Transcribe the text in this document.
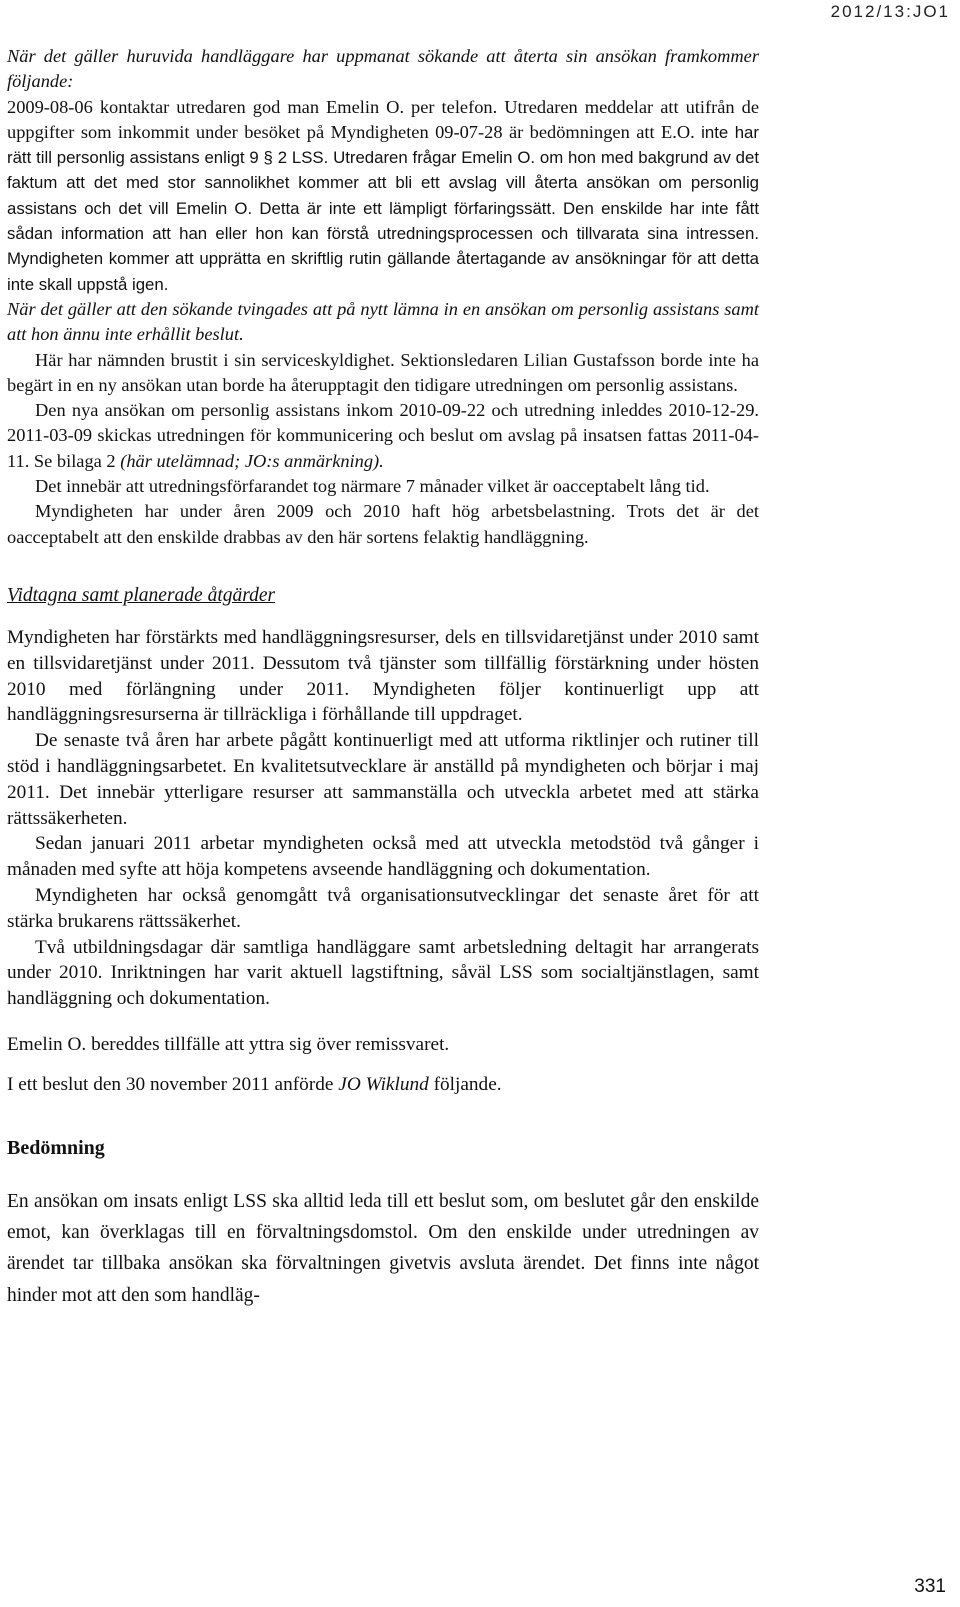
2012/13:JO1

När det gäller huruvida handläggare har uppmanat sökande att återta sin ansökan framkommer följande:

2009-08-06 kontaktar utredaren god man Emelin O. per telefon. Utredaren meddelar att utifrån de uppgifter som inkommit under besöket på Myndigheten 09-07-28 är bedömningen att E.O. inte har rätt till personlig assistans enligt 9 § 2 LSS. Utredaren frågar Emelin O. om hon med bakgrund av det faktum att det med stor sannolikhet kommer att bli ett avslag vill återta ansökan om personlig assistans och det vill Emelin O. Detta är inte ett lämpligt förfaringssätt. Den enskilde har inte fått sådan information att han eller hon kan förstå utredningsprocessen och tillvarata sina intressen. Myndigheten kommer att upprätta en skriftlig rutin gällande återtagande av ansökningar för att detta inte skall uppstå igen.

När det gäller att den sökande tvingades att på nytt lämna in en ansökan om personlig assistans samt att hon ännu inte erhållit beslut.

Här har nämnden brustit i sin serviceskyldighet. Sektionsledaren Lilian Gustafsson borde inte ha begärt in en ny ansökan utan borde ha återupptagit den tidigare utredningen om personlig assistans.

Den nya ansökan om personlig assistans inkom 2010-09-22 och utredning inleddes 2010-12-29. 2011-03-09 skickas utredningen för kommunicering och beslut om avslag på insatsen fattas 2011-04-11. Se bilaga 2 (här utelämnad; JO:s anmärkning).

Det innebär att utredningsförfarandet tog närmare 7 månader vilket är oacceptabelt lång tid.

Myndigheten har under åren 2009 och 2010 haft hög arbetsbelastning. Trots det är det oacceptabelt att den enskilde drabbas av den här sortens felaktig handläggning.

Vidtagna samt planerade åtgärder

Myndigheten har förstärkts med handläggningsresurser, dels en tillsvidaretjänst under 2010 samt en tillsvidaretjänst under 2011. Dessutom två tjänster som tillfällig förstärkning under hösten 2010 med förlängning under 2011. Myndigheten följer kontinuerligt upp att handläggningsresurserna är tillräckliga i förhållande till uppdraget.

De senaste två åren har arbete pågått kontinuerligt med att utforma riktlinjer och rutiner till stöd i handläggningsarbetet. En kvalitetsutvecklare är anställd på myndigheten och börjar i maj 2011. Det innebär ytterligare resurser att sammanställa och utveckla arbetet med att stärka rättssäkerheten.

Sedan januari 2011 arbetar myndigheten också med att utveckla metodstöd två gånger i månaden med syfte att höja kompetens avseende handläggning och dokumentation.

Myndigheten har också genomgått två organisationsutvecklingar det senaste året för att stärka brukarens rättssäkerhet.

Två utbildningsdagar där samtliga handläggare samt arbetsledning deltagit har arrangerats under 2010. Inriktningen har varit aktuell lagstiftning, såväl LSS som socialtjänstlagen, samt handläggning och dokumentation.

Emelin O. bereddes tillfälle att yttra sig över remissvaret.

I ett beslut den 30 november 2011 anförde JO Wiklund följande.

Bedömning

En ansökan om insats enligt LSS ska alltid leda till ett beslut som, om beslutet går den enskilde emot, kan överklagas till en förvaltningsdomstol. Om den enskilde under utredningen av ärendet tar tillbaka ansökan ska förvaltningen givetvis avsluta ärendet. Det finns inte något hinder mot att den som handläg-

331
